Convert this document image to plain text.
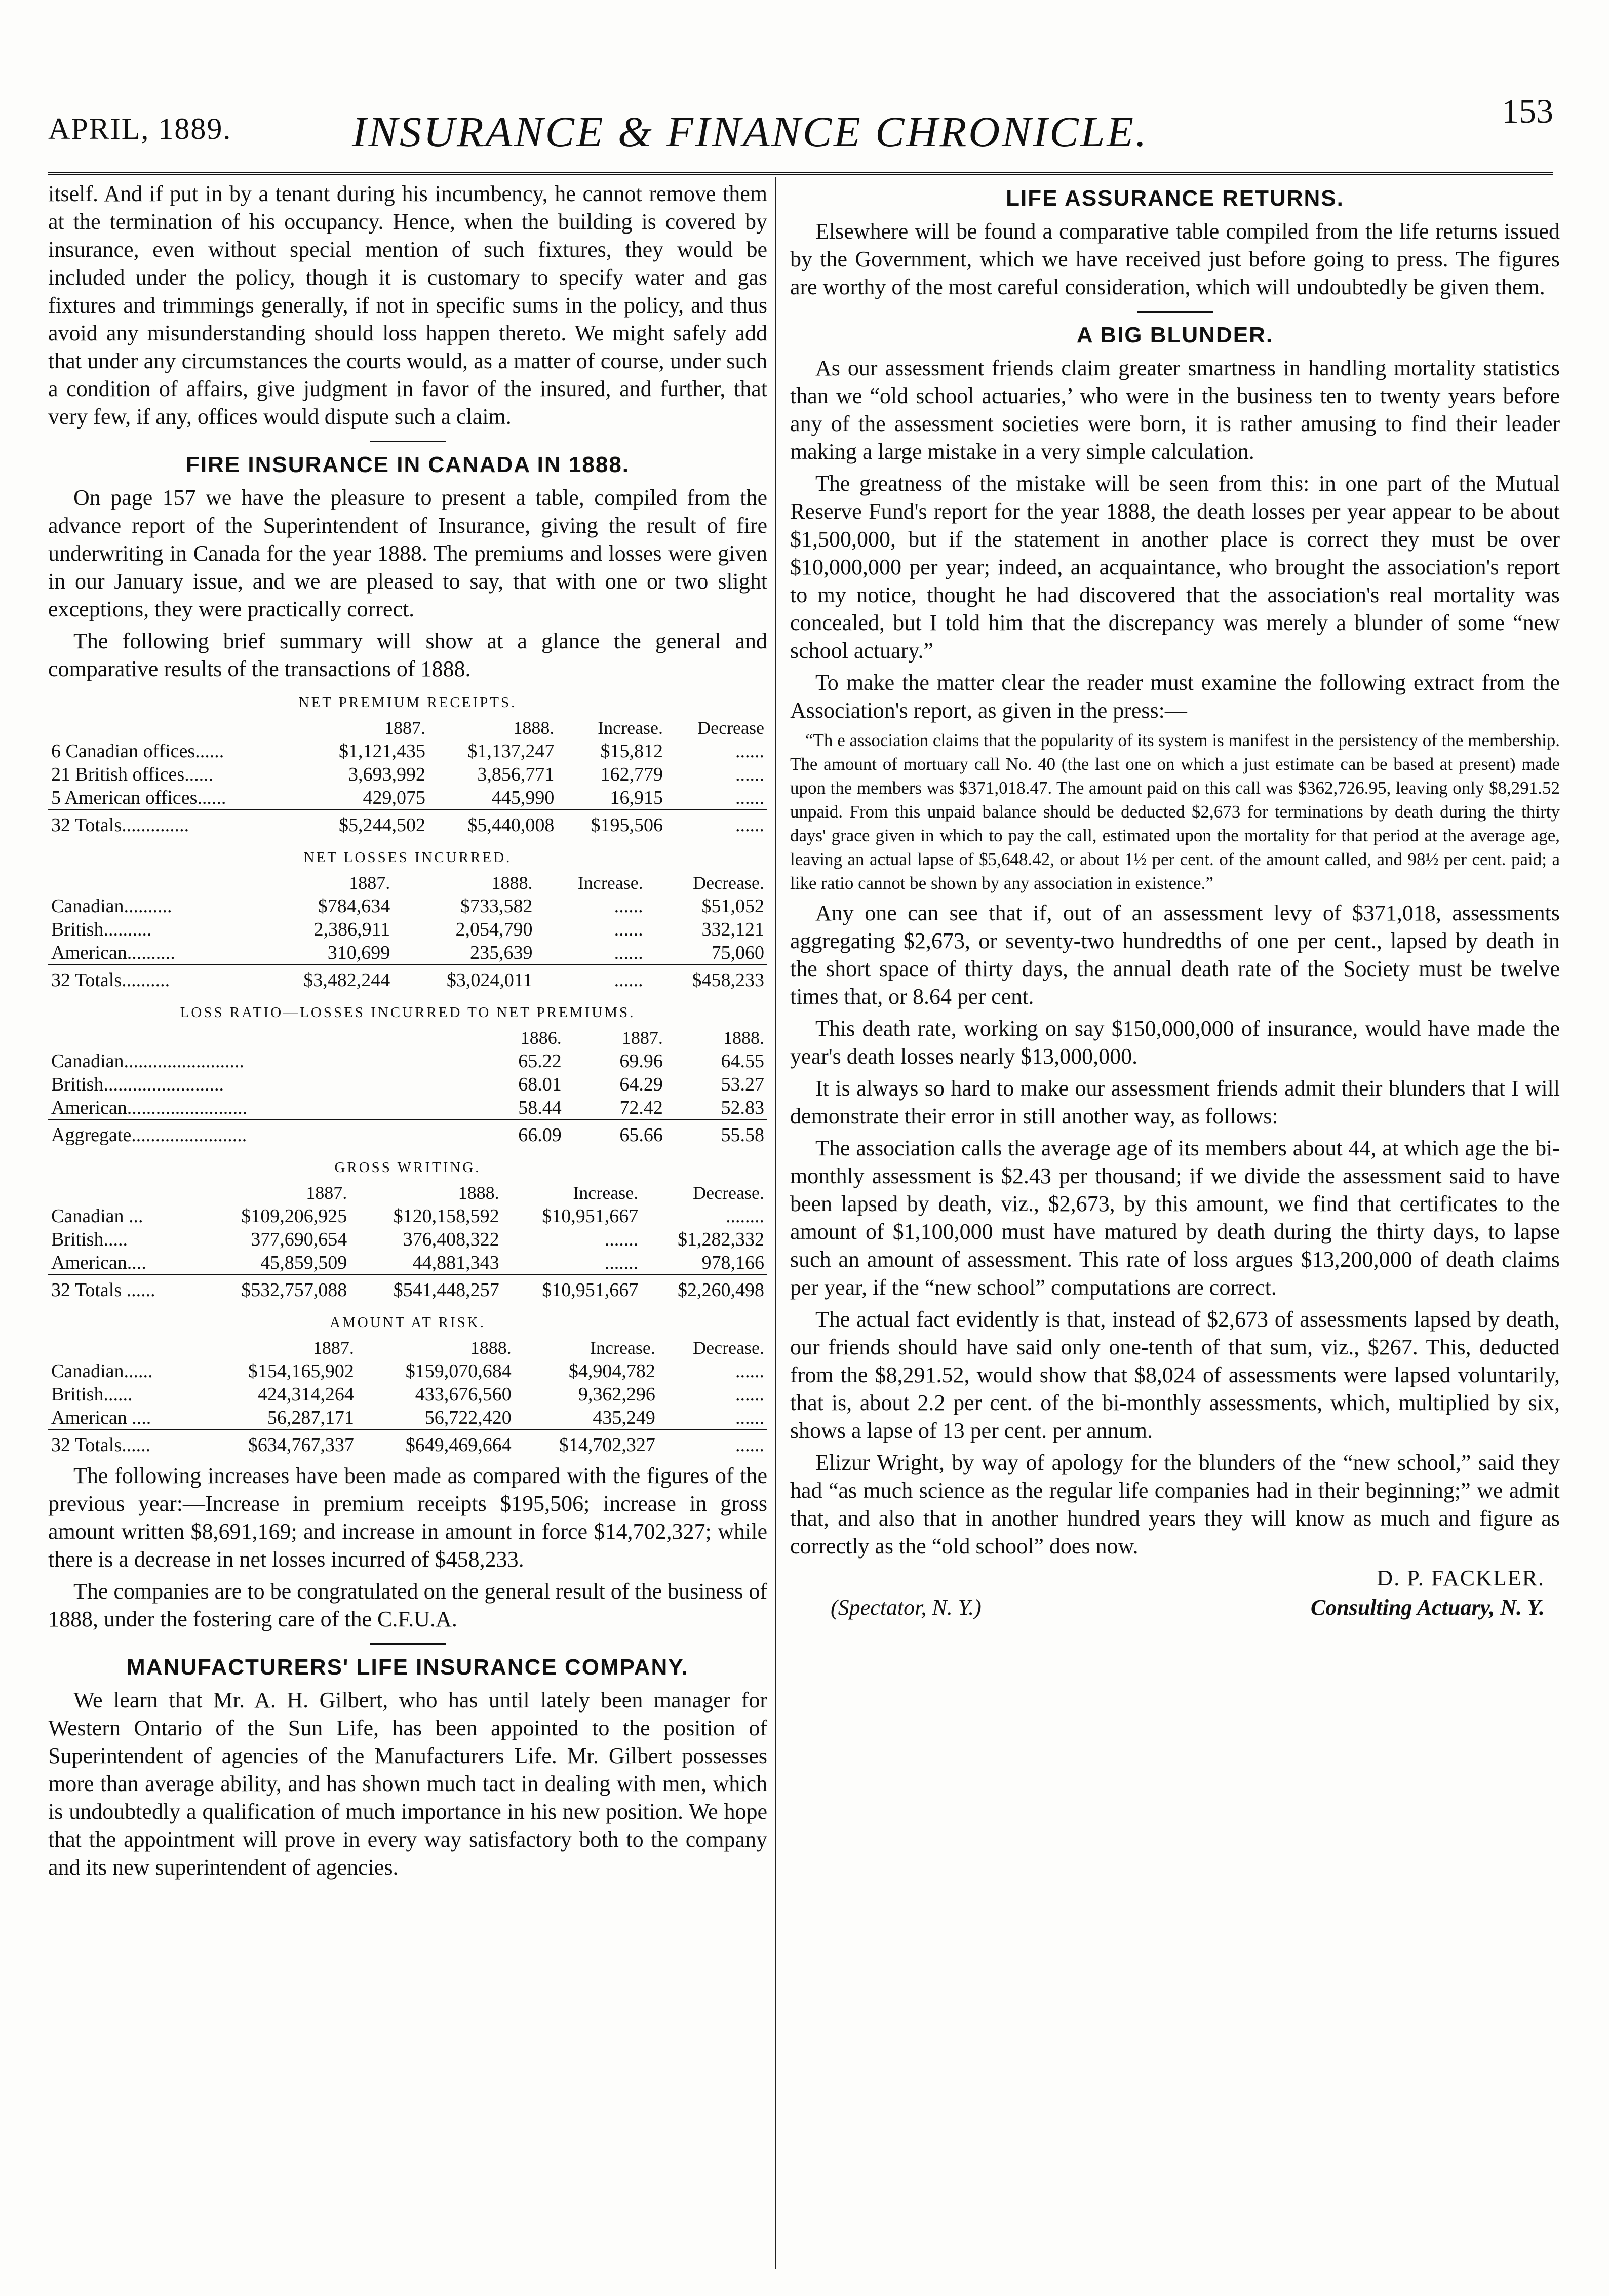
APRIL, 1889.	INSURANCE & FINANCE CHRONICLE.	153

itself. And if put in by a tenant during his incumbency, he cannot remove them at the termination of his occupancy. Hence, when the building is covered by insurance, even without special mention of such fixtures, they would be included under the policy, though it is customary to specify water and gas fixtures and trimmings generally, if not in specific sums in the policy, and thus avoid any misunderstanding should loss happen thereto. We might safely add that under any circumstances the courts would, as a matter of course, under such a condition of affairs, give judgment in favor of the insured, and further, that very few, if any, offices would dispute such a claim.

FIRE INSURANCE IN CANADA IN 1888.

On page 157 we have the pleasure to present a table, compiled from the advance report of the Superintendent of Insurance, giving the result of fire underwriting in Canada for the year 1888. The premiums and losses were given in our January issue, and we are pleased to say, that with one or two slight exceptions, they were practically correct.

The following brief summary will show at a glance the general and comparative results of the transactions of 1888.

NET PREMIUM RECEIPTS.
	1887.	1888.	Increase.	Decrease
6 Canadian offices......	$1,121,435	$1,137,247	$15,812	......
21 British offices......	3,693,992	3,856,771	162,779	......
5 American offices......	429,075	445,990	16,915	......
32 Totals..............	$5,244,502	$5,440,008	$195,506	......
NET LOSSES INCURRED.
	1887.	1888.	Increase.	Decrease.
Canadian..........	$784,634	$733,582	......	$51,052
British..........	2,386,911	2,054,790	......	332,121
American..........	310,699	235,639	......	75,060
32 Totals..........	$3,482,244	$3,024,011	......	$458,233
LOSS RATIO—LOSSES INCURRED TO NET PREMIUMS.
	1886.	1887.	1888.
Canadian.........................	65.22	69.96	64.55
British.........................	68.01	64.29	53.27
American.........................	58.44	72.42	52.83
Aggregate........................	66.09	65.66	55.58
GROSS WRITING.
	1887.	1888.	Increase.	Decrease.
Canadian ...	$109,206,925	$120,158,592	$10,951,667	........
British.....	377,690,654	376,408,322	.......	$1,282,332
American....	45,859,509	44,881,343	.......	978,166
32 Totals ......	$532,757,088	$541,448,257	$10,951,667	$2,260,498
AMOUNT AT RISK.
	1887.	1888.	Increase.	Decrease.
Canadian......	$154,165,902	$159,070,684	$4,904,782	......
British......	424,314,264	433,676,560	9,362,296	......
American ....	56,287,171	56,722,420	435,249	......
32 Totals......	$634,767,337	$649,469,664	$14,702,327	......

The following increases have been made as compared with the figures of the previous year:—Increase in premium receipts $195,506; increase in gross amount written $8,691,169; and increase in amount in force $14,702,327; while there is a decrease in net losses incurred of $458,233.

The companies are to be congratulated on the general result of the business of 1888, under the fostering care of the C.F.U.A.

MANUFACTURERS' LIFE INSURANCE COMPANY.

We learn that Mr. A. H. Gilbert, who has until lately been manager for Western Ontario of the Sun Life, has been appointed to the position of Superintendent of agencies of the Manufacturers Life. Mr. Gilbert possesses more than average ability, and has shown much tact in dealing with men, which is undoubtedly a qualification of much importance in his new position. We hope that the appointment will prove in every way satisfactory both to the company and its new superintendent of agencies.

LIFE ASSURANCE RETURNS.

Elsewhere will be found a comparative table compiled from the life returns issued by the Government, which we have received just before going to press. The figures are worthy of the most careful consideration, which will undoubtedly be given them.

A BIG BLUNDER.

As our assessment friends claim greater smartness in handling mortality statistics than we “old school actuaries,’ who were in the business ten to twenty years before any of the assessment societies were born, it is rather amusing to find their leader making a large mistake in a very simple calculation.

The greatness of the mistake will be seen from this: in one part of the Mutual Reserve Fund's report for the year 1888, the death losses per year appear to be about $1,500,000, but if the statement in another place is correct they must be over $10,000,000 per year; indeed, an acquaintance, who brought the association's report to my notice, thought he had discovered that the association's real mortality was concealed, but I told him that the discrepancy was merely a blunder of some “new school actuary.”

To make the matter clear the reader must examine the following extract from the Association's report, as given in the press:—

“Th e association claims that the popularity of its system is manifest in the persistency of the membership. The amount of mortuary call No. 40 (the last one on which a just estimate can be based at present) made upon the members was $371,018.47. The amount paid on this call was $362,726.95, leaving only $8,291.52 unpaid. From this unpaid balance should be deducted $2,673 for terminations by death during the thirty days' grace given in which to pay the call, estimated upon the mortality for that period at the average age, leaving an actual lapse of $5,648.42, or about 1½ per cent. of the amount called, and 98½ per cent. paid; a like ratio cannot be shown by any association in existence.”

Any one can see that if, out of an assessment levy of $371,018, assessments aggregating $2,673, or seventy-two hundredths of one per cent., lapsed by death in the short space of thirty days, the annual death rate of the Society must be twelve times that, or 8.64 per cent.

This death rate, working on say $150,000,000 of insurance, would have made the year's death losses nearly $13,000,000.

It is always so hard to make our assessment friends admit their blunders that I will demonstrate their error in still another way, as follows:

The association calls the average age of its members about 44, at which age the bi-monthly assessment is $2.43 per thousand; if we divide the assessment said to have been lapsed by death, viz., $2,673, by this amount, we find that certificates to the amount of $1,100,000 must have matured by death during the thirty days, to lapse such an amount of assessment. This rate of loss argues $13,200,000 of death claims per year, if the “new school” computations are correct.

The actual fact evidently is that, instead of $2,673 of assessments lapsed by death, our friends should have said only one-tenth of that sum, viz., $267. This, deducted from the $8,291.52, would show that $8,024 of assessments were lapsed voluntarily, that is, about 2.2 per cent. of the bi-monthly assessments, which, multiplied by six, shows a lapse of 13 per cent. per annum.

Elizur Wright, by way of apology for the blunders of the “new school,” said they had “as much science as the regular life companies had in their beginning;” we admit that, and also that in another hundred years they will know as much and figure as correctly as the “old school” does now.

D. P. FACKLER.
(Spectator, N. Y.)	Consulting Actuary, N. Y.
